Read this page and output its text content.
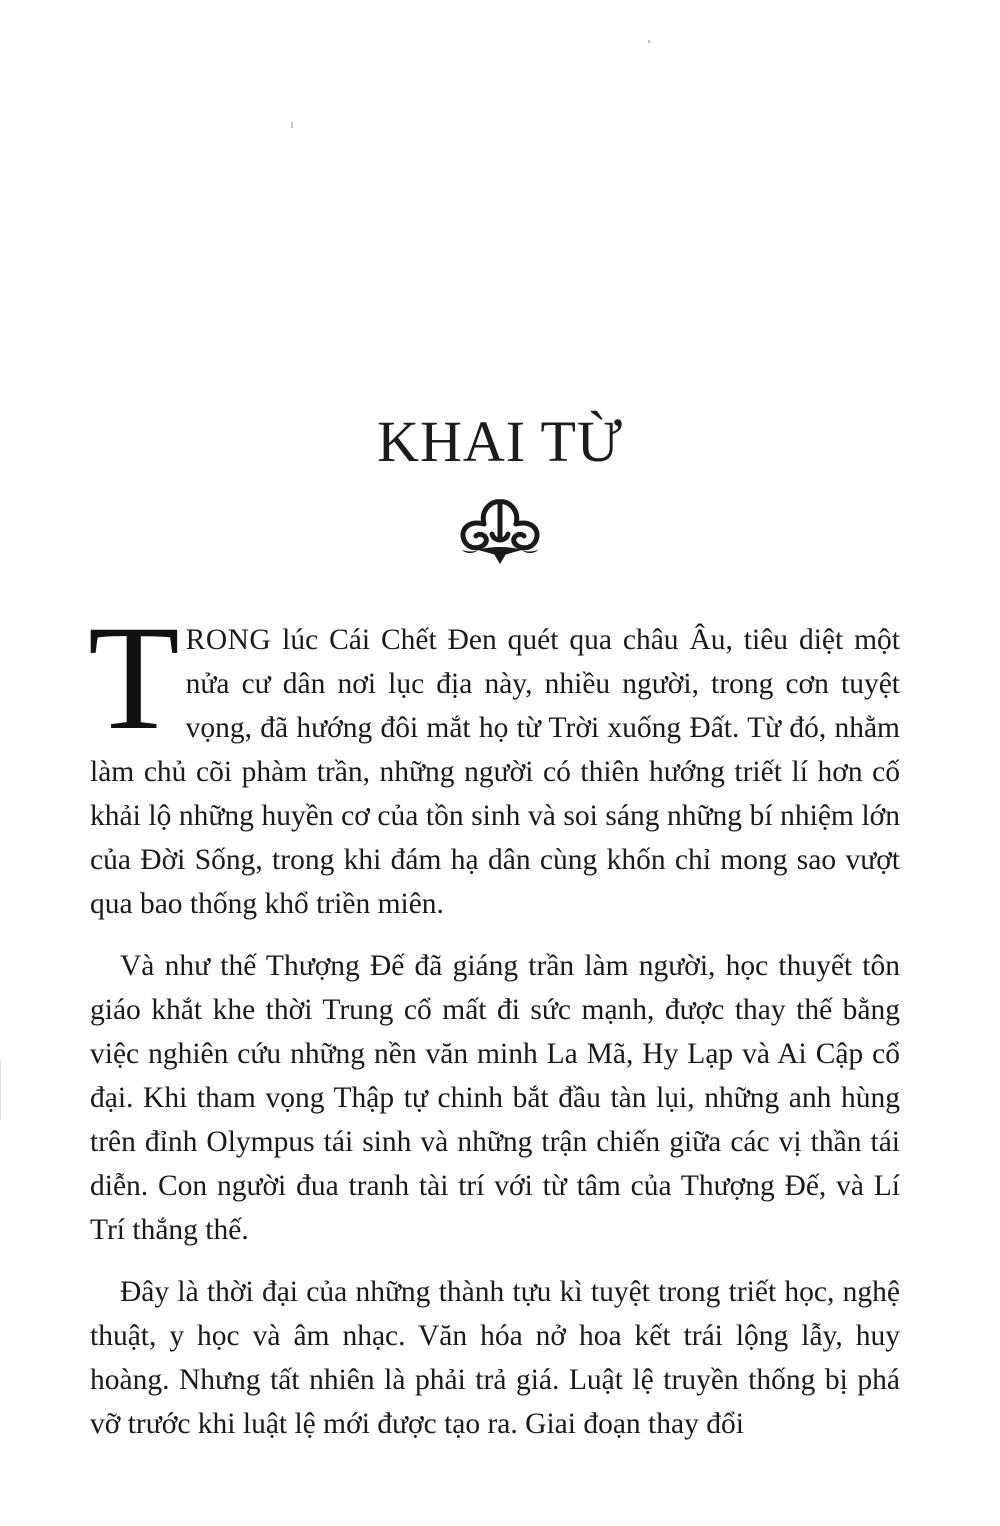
KHAI TỪ

TRONG lúc Cái Chết Đen quét qua châu Âu, tiêu diệt một nửa cư dân nơi lục địa này, nhiều người, trong cơn tuyệt vọng, đã hướng đôi mắt họ từ Trời xuống Đất. Từ đó, nhằm làm chủ cõi phàm trần, những người có thiên hướng triết lí hơn cố khải lộ những huyền cơ của tồn sinh và soi sáng những bí nhiệm lớn của Đời Sống, trong khi đám hạ dân cùng khốn chỉ mong sao vượt qua bao thống khổ triền miên.

Và như thế Thượng Đế đã giáng trần làm người, học thuyết tôn giáo khắt khe thời Trung cổ mất đi sức mạnh, được thay thế bằng việc nghiên cứu những nền văn minh La Mã, Hy Lạp và Ai Cập cổ đại. Khi tham vọng Thập tự chinh bắt đầu tàn lụi, những anh hùng trên đỉnh Olympus tái sinh và những trận chiến giữa các vị thần tái diễn. Con người đua tranh tài trí với từ tâm của Thượng Đế, và Lí Trí thắng thế.

Đây là thời đại của những thành tựu kì tuyệt trong triết học, nghệ thuật, y học và âm nhạc. Văn hóa nở hoa kết trái lộng lẫy, huy hoàng. Nhưng tất nhiên là phải trả giá. Luật lệ truyền thống bị phá vỡ trước khi luật lệ mới được tạo ra. Giai đoạn thay đổi
